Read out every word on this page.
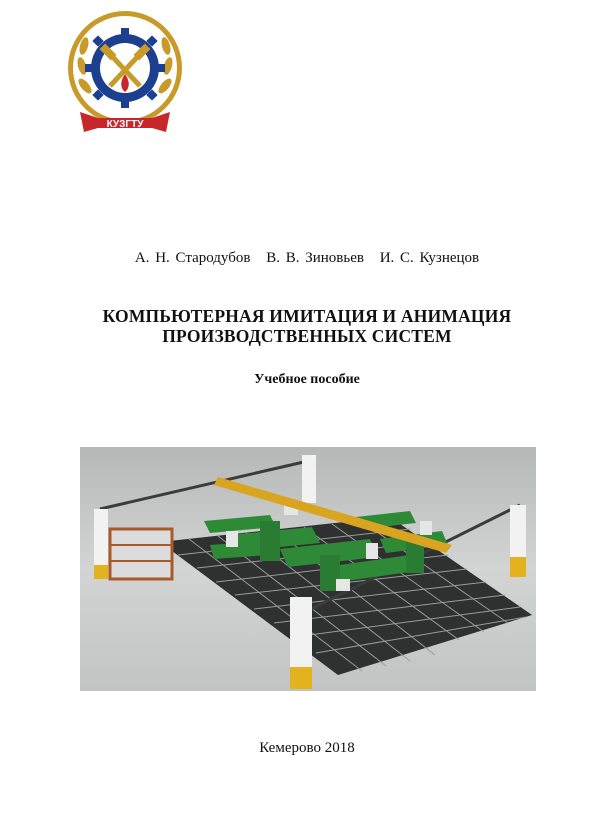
1950
КУЗГТУ
А. Н. Стародубов В. В. Зиновьев И. С. Кузнецов
КОМПЬЮТЕРНАЯ ИМИТАЦИЯ И АНИМАЦИЯ
ПРОИЗВОДСТВЕННЫХ СИСТЕМ
Учебное пособие
Кемерово 2018
